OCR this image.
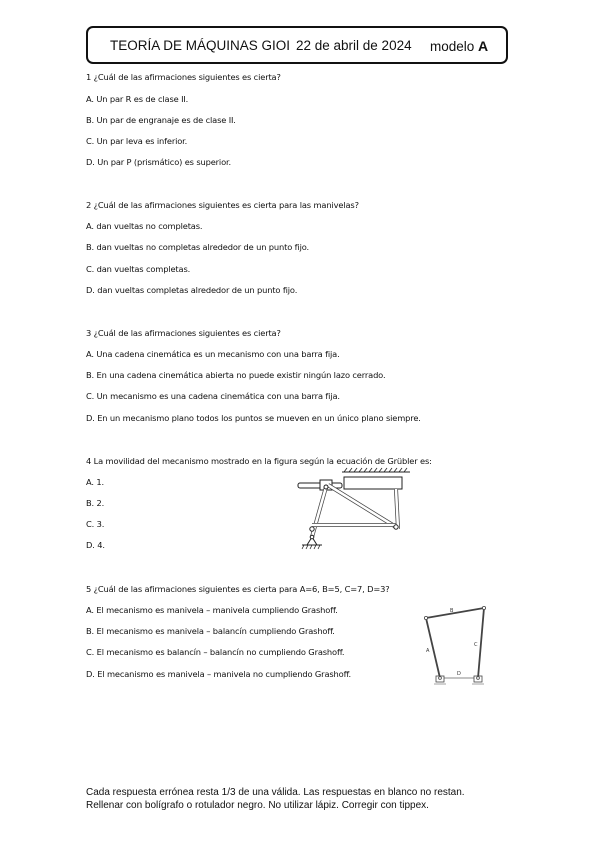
TEORÍA DE MÁQUINAS GIOI 22 de abril de 2024 modelo A
1 ¿Cuál de las afirmaciones siguientes es cierta?
A. Un par R es de clase II.
B. Un par de engranaje es de clase II.
C. Un par leva es inferior.
D. Un par P (prismático) es superior.
2 ¿Cuál de las afirmaciones siguientes es cierta para las manivelas?
A. dan vueltas no completas.
B. dan vueltas no completas alrededor de un punto fijo.
C. dan vueltas completas.
D. dan vueltas completas alrededor de un punto fijo.
3 ¿Cuál de las afirmaciones siguientes es cierta?
A. Una cadena cinemática es un mecanismo con una barra fija.
B. En una cadena cinemática abierta no puede existir ningún lazo cerrado.
C. Un mecanismo es una cadena cinemática con una barra fija.
D. En un mecanismo plano todos los puntos se mueven en un único plano siempre.
4 La movilidad del mecanismo mostrado en la figura según la ecuación de Grübler es:
A. 1.
B. 2.
C. 3.
D. 4.
5 ¿Cuál de las afirmaciones siguientes es cierta para A=6, B=5, C=7, D=3?
A. El mecanismo es manivela – manivela cumpliendo Grashoff.
B. El mecanismo es manivela – balancín cumpliendo Grashoff.
C. El mecanismo es balancín – balancín no cumpliendo Grashoff.
D. El mecanismo es manivela – manivela no cumpliendo Grashoff.
A
B
C
D
Cada respuesta errónea resta 1/3 de una válida. Las respuestas en blanco no restan.
Rellenar con bolígrafo o rotulador negro. No utilizar lápiz. Corregir con tippex.
